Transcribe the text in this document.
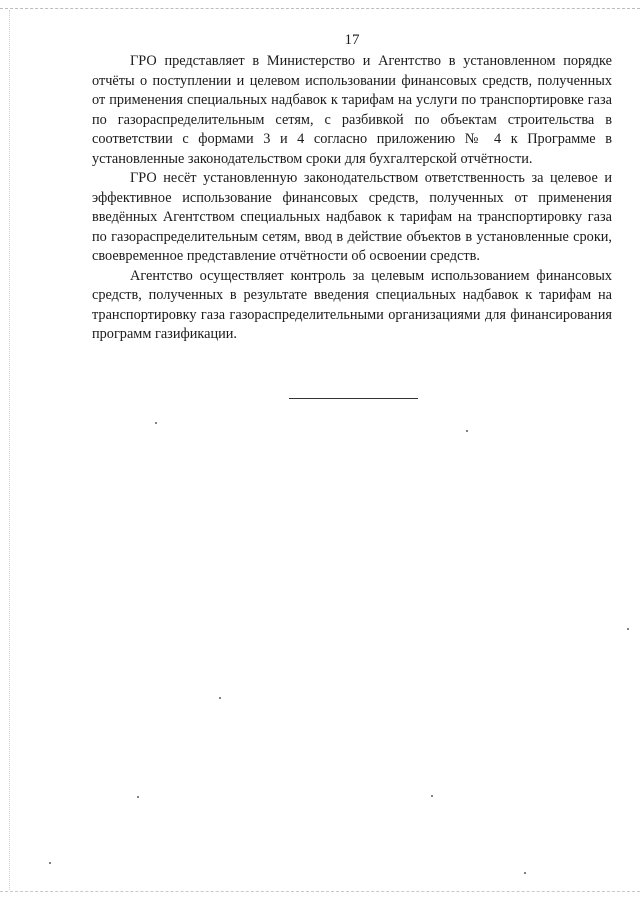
17

ГРО представляет в Министерство и Агентство в установленном порядке отчёты о поступлении и целевом использовании финансовых средств, полученных от применения специальных надбавок к тарифам на услуги по транспортировке газа по газораспределительным сетям, с разбивкой по объектам строительства в соответствии с формами 3 и 4 согласно приложению № 4 к Программе в установленные законодательством сроки для бухгалтерской отчётности.

ГРО несёт установленную законодательством ответственность за целевое и эффективное использование финансовых средств, полученных от применения введённых Агентством специальных надбавок к тарифам на транспортировку газа по газораспределительным сетям, ввод в действие объектов в установленные сроки, своевременное представление отчётности об освоении средств.

Агентство осуществляет контроль за целевым использованием финансовых средств, полученных в результате введения специальных надбавок к тарифам на транспортировку газа газораспределительными организациями для финансирования программ газификации.
